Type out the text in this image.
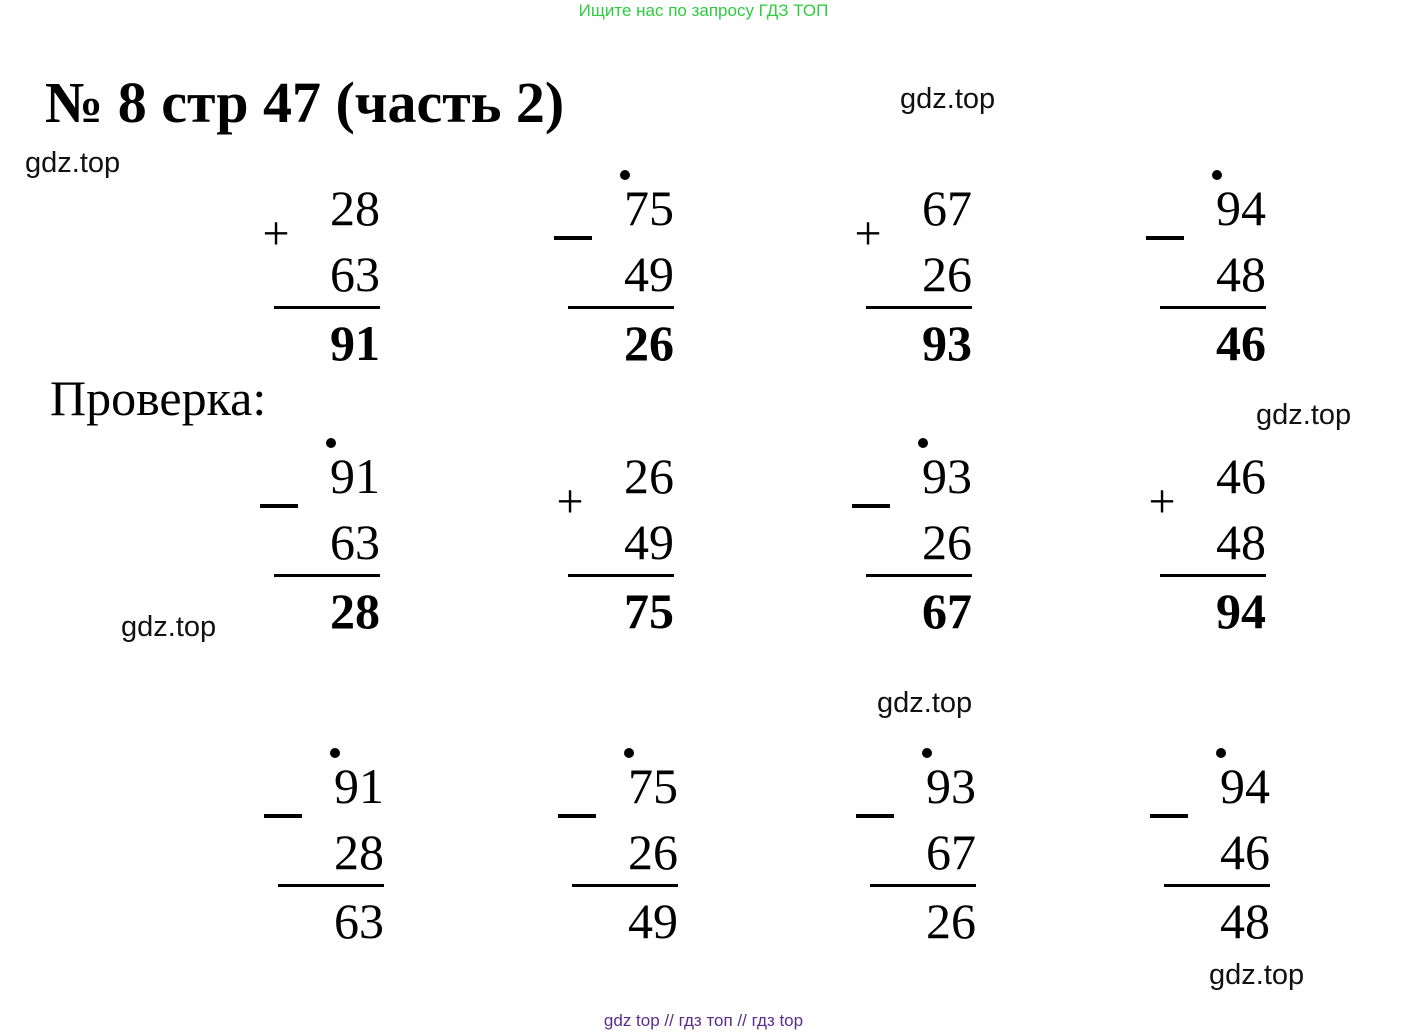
Ищите нас по запросу ГДЗ ТОП
№ 8 стр 47 (часть 2)	gdz.top
gdz.top
gdz.top
gdz.top
gdz.top
gdz.top
Проверка:
+ 28
63
91
75
49
26
+ 67
26
93
94
48
46
91
63
28
+ 26
49
75
93
26
67
+ 46
48
94
91
28
63
75
26
49
93
67
26
94
46
48
gdz top // гдз топ // гдз top
